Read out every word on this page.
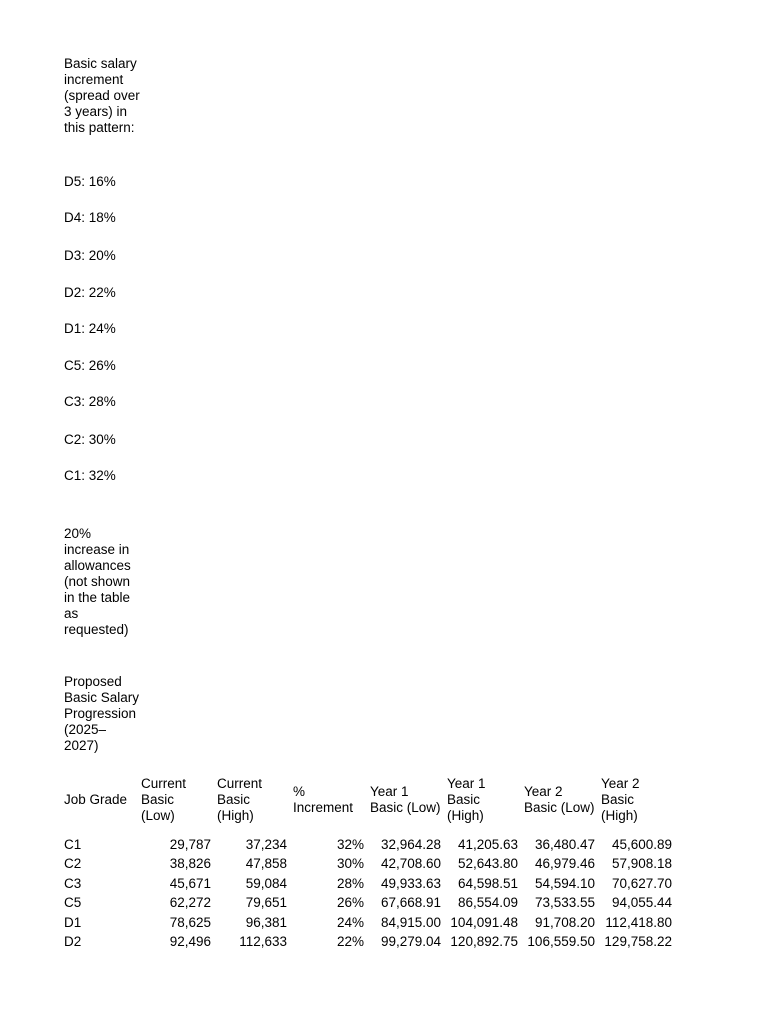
Basic salary increment (spread over 3 years) in this pattern:
D5: 16%
D4: 18%
D3: 20%
D2: 22%
D1: 24%
C5: 26%
C3: 28%
C2: 30%
C1: 32%
20% increase in allowances (not shown in the table as requested)
Proposed Basic Salary Progression (2025–2027)
Job Grade	Current Basic (Low)	Current Basic (High)	% Increment	Year 1 Basic (Low)	Year 1 Basic (High)	Year 2 Basic (Low)	Year 2 Basic (High)

C1	29,787	37,234	32%	32,964.28	41,205.63	36,480.47	45,600.89
C2	38,826	47,858	30%	42,708.60	52,643.80	46,979.46	57,908.18
C3	45,671	59,084	28%	49,933.63	64,598.51	54,594.10	70,627.70
C5	62,272	79,651	26%	67,668.91	86,554.09	73,533.55	94,055.44
D1	78,625	96,381	24%	84,915.00	104,091.48	91,708.20	112,418.80
D2	92,496	112,633	22%	99,279.04	120,892.75	106,559.50	129,758.22
